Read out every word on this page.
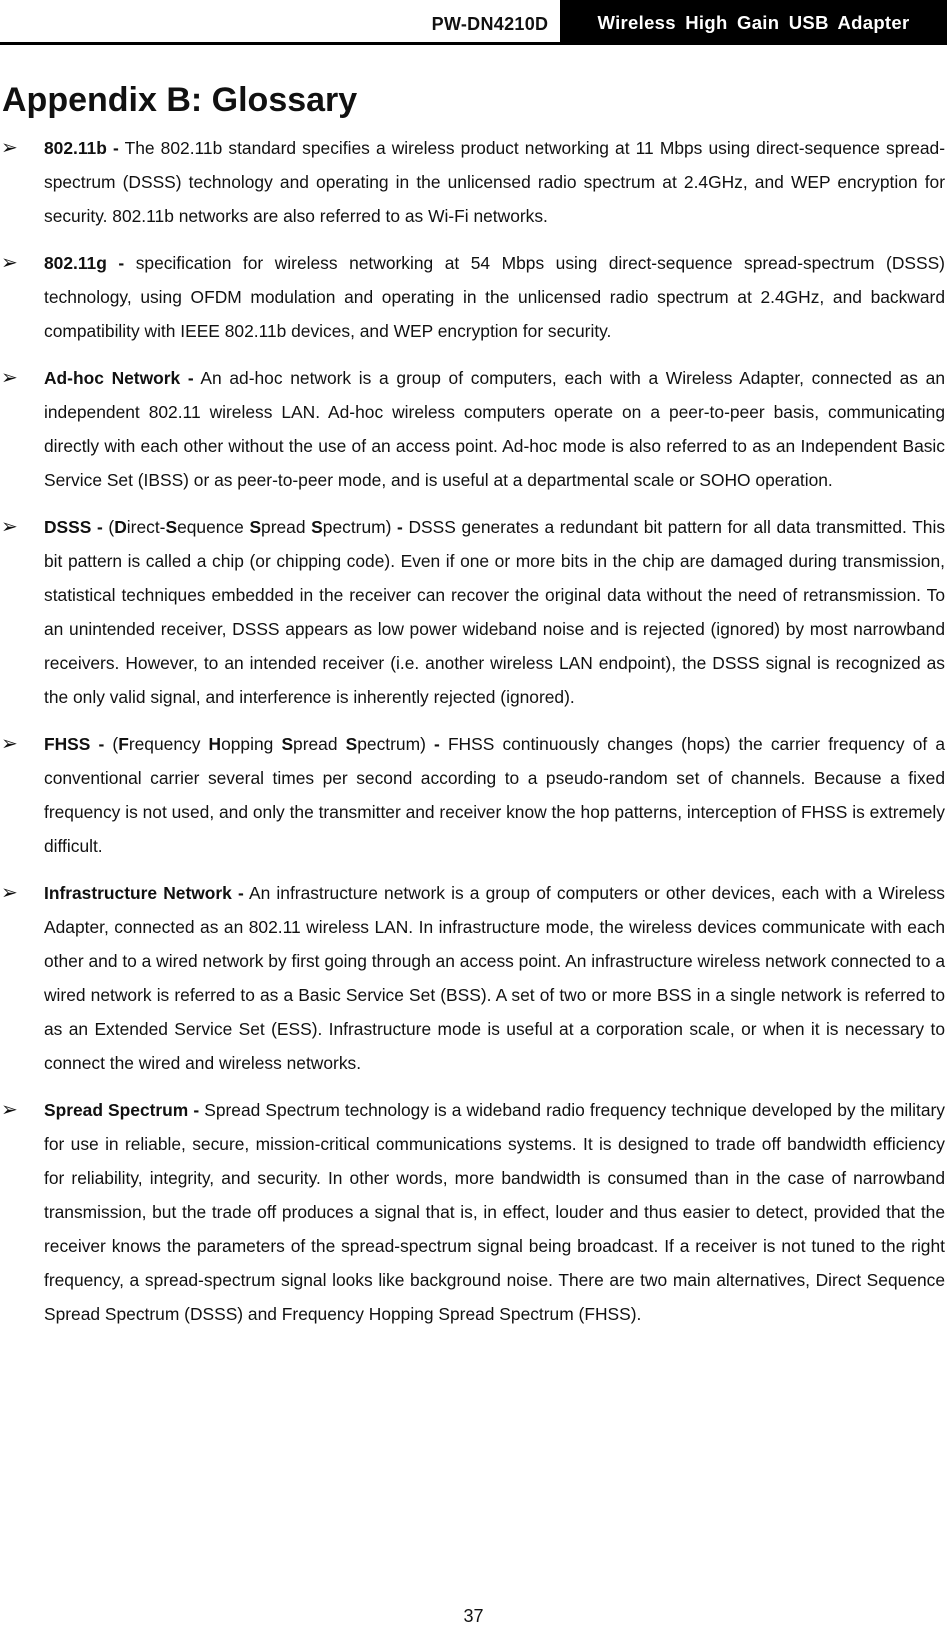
PW-DN4210D	Wireless High Gain USB Adapter
Appendix B: Glossary
➢ 802.11b - The 802.11b standard specifies a wireless product networking at 11 Mbps using direct-sequence spread-spectrum (DSSS) technology and operating in the unlicensed radio spectrum at 2.4GHz, and WEP encryption for security. 802.11b networks are also referred to as Wi-Fi networks.

➢ 802.11g - specification for wireless networking at 54 Mbps using direct-sequence spread-spectrum (DSSS) technology, using OFDM modulation and operating in the unlicensed radio spectrum at 2.4GHz, and backward compatibility with IEEE 802.11b devices, and WEP encryption for security.

➢ Ad-hoc Network - An ad-hoc network is a group of computers, each with a Wireless Adapter, connected as an independent 802.11 wireless LAN. Ad-hoc wireless computers operate on a peer-to-peer basis, communicating directly with each other without the use of an access point. Ad-hoc mode is also referred to as an Independent Basic Service Set (IBSS) or as peer-to-peer mode, and is useful at a departmental scale or SOHO operation.

➢ DSSS - (Direct-Sequence Spread Spectrum) - DSSS generates a redundant bit pattern for all data transmitted. This bit pattern is called a chip (or chipping code). Even if one or more bits in the chip are damaged during transmission, statistical techniques embedded in the receiver can recover the original data without the need of retransmission. To an unintended receiver, DSSS appears as low power wideband noise and is rejected (ignored) by most narrowband receivers. However, to an intended receiver (i.e. another wireless LAN endpoint), the DSSS signal is recognized as the only valid signal, and interference is inherently rejected (ignored).

➢ FHSS - (Frequency Hopping Spread Spectrum) - FHSS continuously changes (hops) the carrier frequency of a conventional carrier several times per second according to a pseudo-random set of channels. Because a fixed frequency is not used, and only the transmitter and receiver know the hop patterns, interception of FHSS is extremely difficult.

➢ Infrastructure Network - An infrastructure network is a group of computers or other devices, each with a Wireless Adapter, connected as an 802.11 wireless LAN. In infrastructure mode, the wireless devices communicate with each other and to a wired network by first going through an access point. An infrastructure wireless network connected to a wired network is referred to as a Basic Service Set (BSS). A set of two or more BSS in a single network is referred to as an Extended Service Set (ESS). Infrastructure mode is useful at a corporation scale, or when it is necessary to connect the wired and wireless networks.

➢ Spread Spectrum - Spread Spectrum technology is a wideband radio frequency technique developed by the military for use in reliable, secure, mission-critical communications systems. It is designed to trade off bandwidth efficiency for reliability, integrity, and security. In other words, more bandwidth is consumed than in the case of narrowband transmission, but the trade off produces a signal that is, in effect, louder and thus easier to detect, provided that the receiver knows the parameters of the spread-spectrum signal being broadcast. If a receiver is not tuned to the right frequency, a spread-spectrum signal looks like background noise. There are two main alternatives, Direct Sequence Spread Spectrum (DSSS) and Frequency Hopping Spread Spectrum (FHSS).

37
